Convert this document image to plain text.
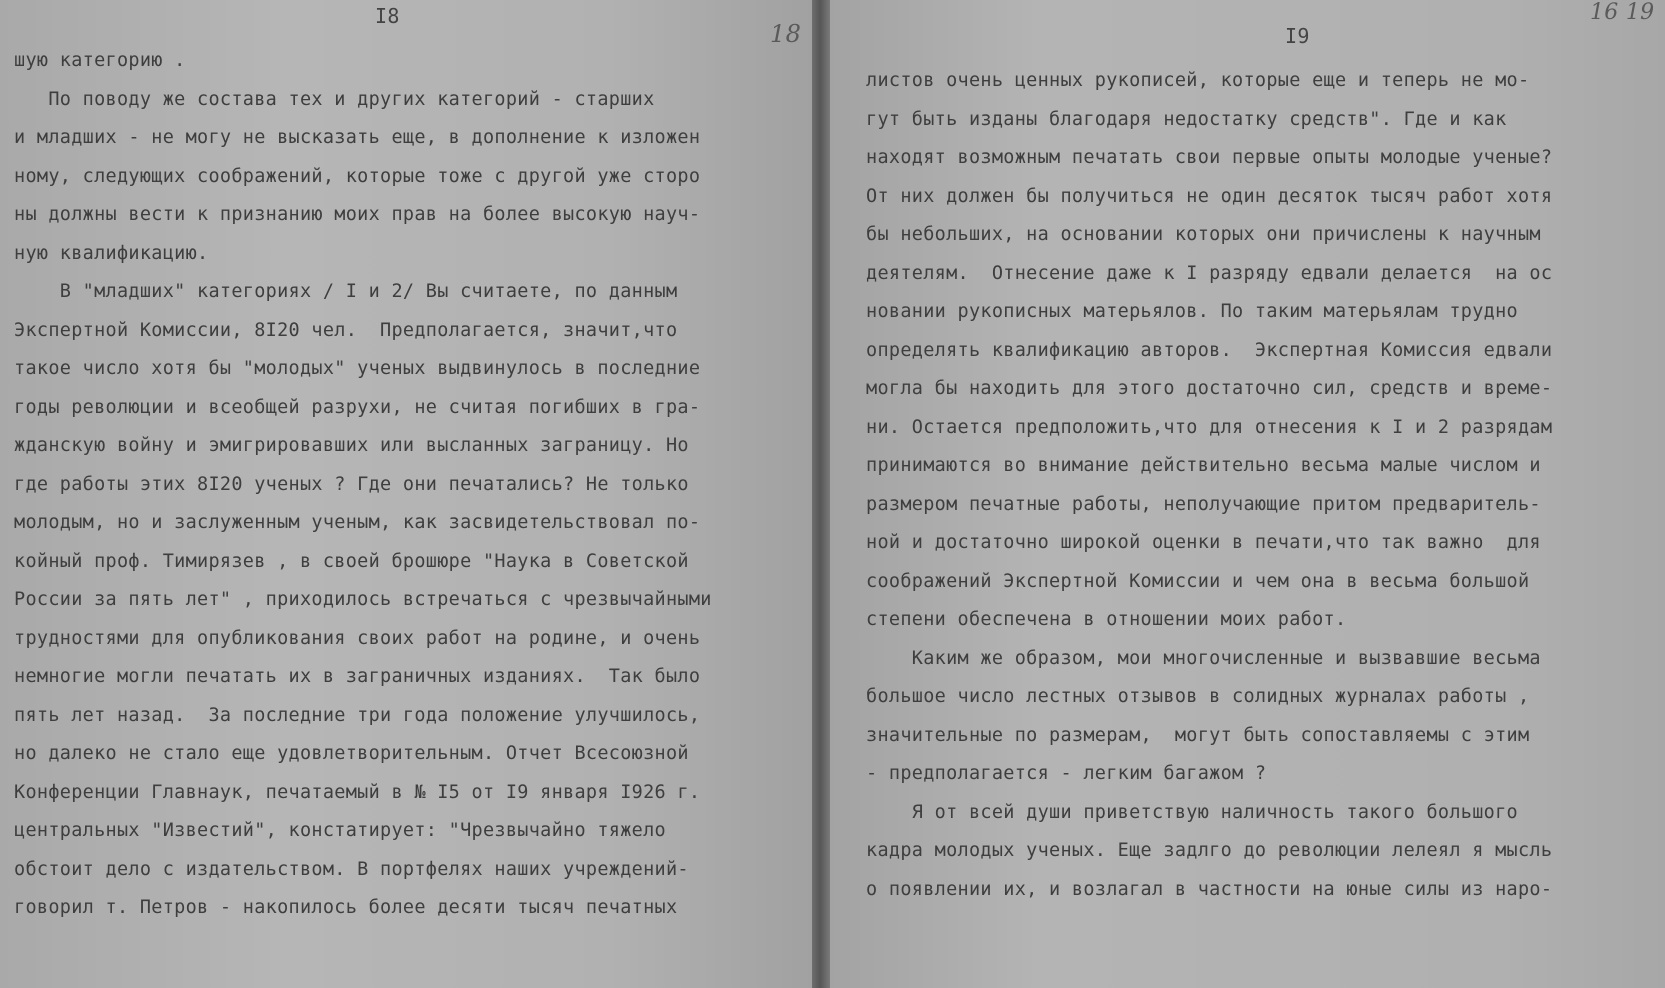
I8
18

шую категорию .

По поводу же состава тех и других категорий - старших

и младших - не могу не высказать еще, в дополнение к изложен

ному, следующих соображений, которые тоже с другой уже сторо

ны должны вести к признанию моих прав на более высокую науч-

ную квалификацию.

В "младших" категориях / I и 2/ Вы считаете, по данным

Экспертной Комиссии, 8I20 чел.  Предполагается, значит,что

такое число хотя бы "молодых" ученых выдвинулось в последние

годы революции и всеобщей разрухи, не считая погибших в гра-

жданскую войну и эмигрировавших или высланных заграницу. Но

где работы этих 8I20 ученых ? Где они печатались? Не только

молодым, но и заслуженным ученым, как засвидетельствовал по-

койный проф. Тимирязев , в своей брошюре "Наука в Советской

России за пять лет" , приходилось встречаться с чрезвычайными

трудностями для опубликования своих работ на родине, и очень

немногие могли печатать их в заграничных изданиях.  Так было

пять лет назад.  За последние три года положение улучшилось,

но далеко не стало еще удовлетворительным. Отчет Всесоюзной

Конференции Главнаук, печатаемый в № I5 от I9 января I926 г.

центральных "Известий", констатирует: "Чрезвычайно тяжело

обстоит дело с издательством. В портфелях наших учреждений-

говорил т. Петров - накопилось более десяти тысяч печатных

I9
16 19

листов очень ценных рукописей, которые еще и теперь не мо-

гут быть изданы благодаря недостатку средств". Где и как

находят возможным печатать свои первые опыты молодые ученые?

От них должен бы получиться не один десяток тысяч работ хотя

бы небольших, на основании которых они причислены к научным

деятелям.  Отнесение даже к I разряду едвали делается  на ос

новании рукописных матерьялов. По таким матерьялам трудно

определять квалификацию авторов.  Экспертная Комиссия едвали

могла бы находить для этого достаточно сил, средств и време-

ни. Остается предположить,что для отнесения к I и 2 разрядам

принимаются во внимание действительно весьма малые числом и

размером печатные работы, неполучающие притом предваритель-

ной и достаточно широкой оценки в печати,что так важно  для

соображений Экспертной Комиссии и чем она в весьма большой

степени обеспечена в отношении моих работ.

Каким же образом, мои многочисленные и вызвавшие весьма

большое число лестных отзывов в солидных журналах работы ,

значительные по размерам,  могут быть сопоставляемы с этим

- предполагается - легким багажом ?

Я от всей души приветствую наличность такого большого

кадра молодых ученых. Еще задлго до революции лелеял я мысль

о появлении их, и возлагал в частности на юные силы из наро-
